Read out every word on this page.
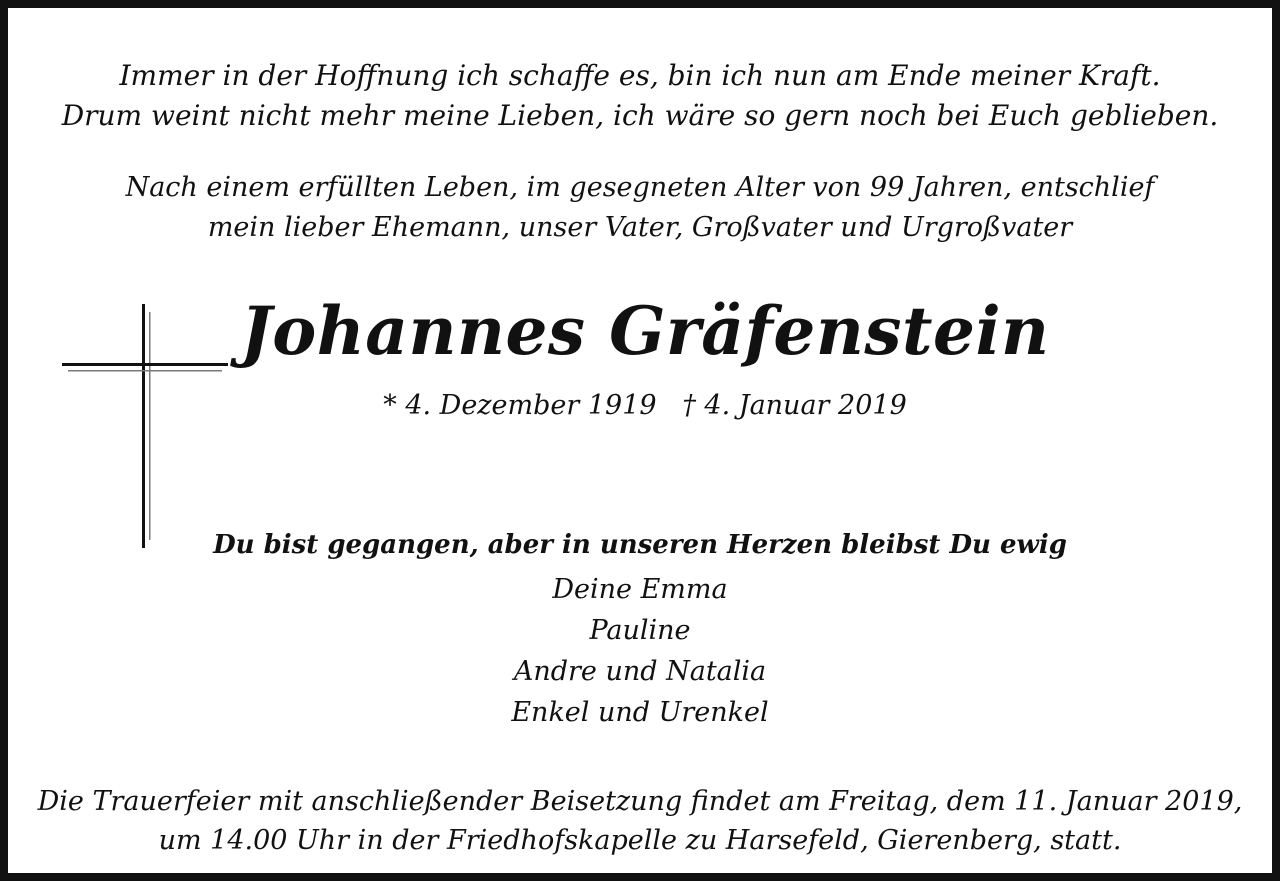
Immer in der Hoffnung ich schaffe es, bin ich nun am Ende meiner Kraft.
Drum weint nicht mehr meine Lieben, ich wäre so gern noch bei Euch geblieben.
Nach einem erfüllten Leben, im gesegneten Alter von 99 Jahren, entschlief
mein lieber Ehemann, unser Vater, Großvater und Urgroßvater
Johannes Gräfenstein
* 4. Dezember 1919   † 4. Januar 2019
Du bist gegangen, aber in unseren Herzen bleibst Du ewig
Deine Emma
Pauline
Andre und Natalia
Enkel und Urenkel
Die Trauerfeier mit anschließender Beisetzung findet am Freitag, dem 11. Januar 2019,
um 14.00 Uhr in der Friedhofskapelle zu Harsefeld, Gierenberg, statt.
